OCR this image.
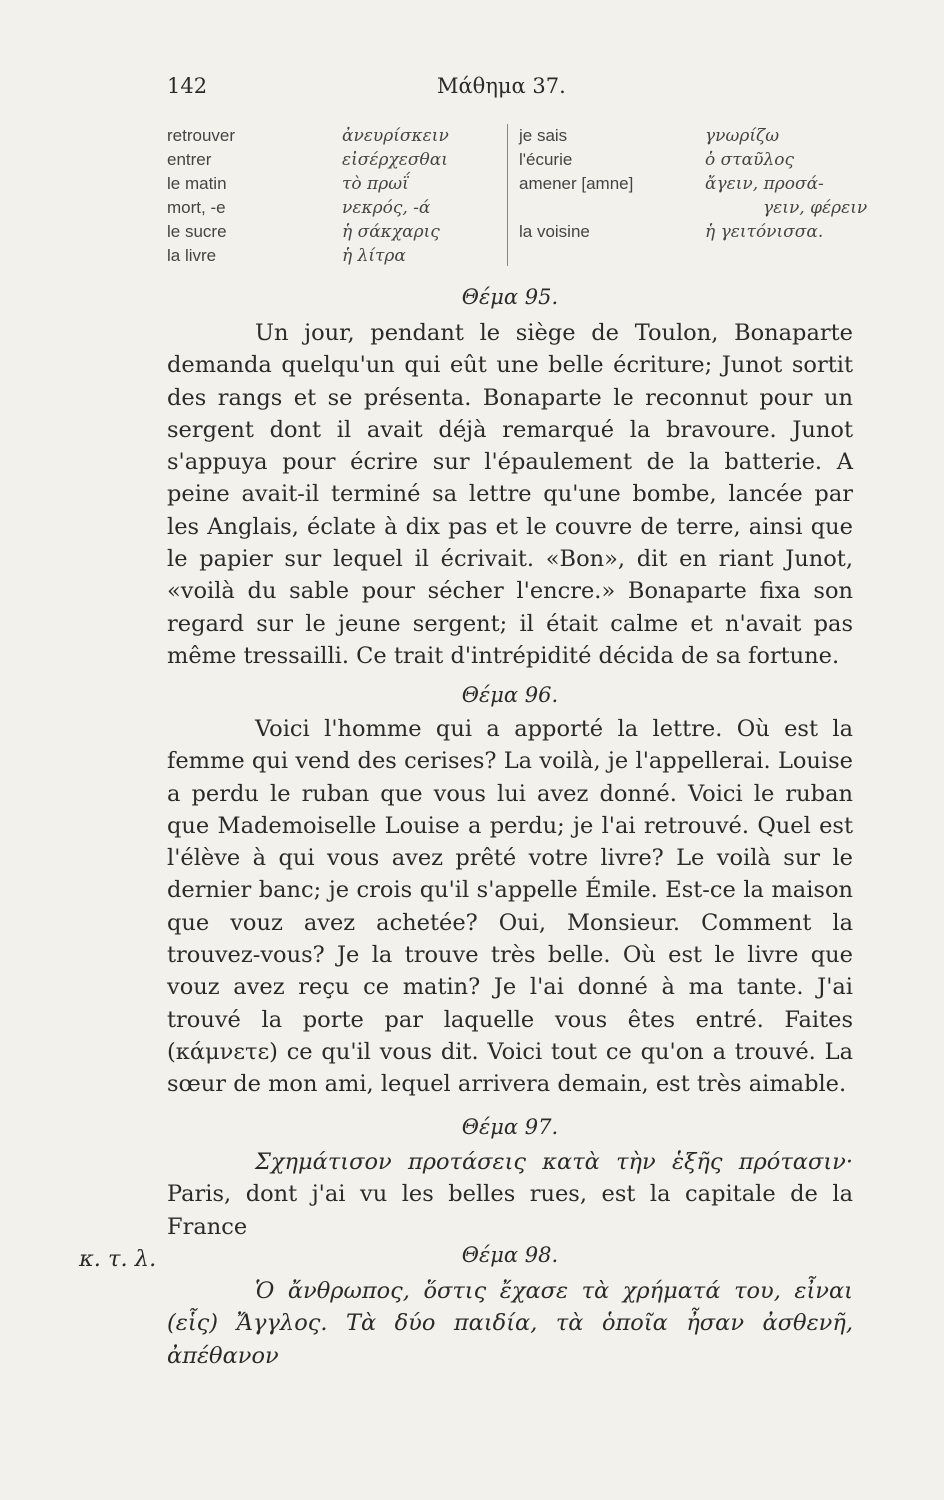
142	Μάθημα 37.
retrouver
entrer
le matin
mort, -e
le sucre
la livre
ἀνευρίσκειν
εἰσέρχεσθαι
τὸ πρωΐ
νεκρός, -ά
ἡ σάκχαρις
ἡ λίτρα
je sais
l'écurie
amener [amne]
la voisine
γνωρίζω
ὁ σταῦλος
ἄγειν, προσά-
γειν, φέρειν
ἡ γειτόνισσα.
Θέμα 95.

Un jour, pendant le siège de Toulon, Bonaparte demanda quelqu'un qui eût une belle écriture; Junot sortit des rangs et se présenta. Bonaparte le reconnut pour un sergent dont il avait déjà remarqué la bravoure. Junot s'appuya pour écrire sur l'épaulement de la batterie. A peine avait-il terminé sa lettre qu'une bombe, lancée par les Anglais, éclate à dix pas et le couvre de terre, ainsi que le papier sur lequel il écrivait. «Bon», dit en riant Junot, «voilà du sable pour sécher l'encre.» Bonaparte fixa son regard sur le jeune sergent; il était calme et n'avait pas même tressailli. Ce trait d'intrépidité décida de sa fortune.

Θέμα 96.

Voici l'homme qui a apporté la lettre. Où est la femme qui vend des cerises? La voilà, je l'appellerai. Louise a perdu le ruban que vous lui avez donné. Voici le ruban que Mademoiselle Louise a perdu; je l'ai retrouvé. Quel est l'élève à qui vous avez prêté votre livre? Le voilà sur le dernier banc; je crois qu'il s'appelle Émile. Est-ce la maison que vouz avez achetée? Oui, Monsieur. Comment la trouvez-vous? Je la trouve très belle. Où est le livre que vouz avez reçu ce matin? Je l'ai donné à ma tante. J'ai trouvé la porte par laquelle vous êtes entré. Faites (κάμνετε) ce qu'il vous dit. Voici tout ce qu'on a trouvé. La sœur de mon ami, lequel arrivera demain, est très aimable.

Θέμα 97.

Σχημάτισον προτάσεις κατὰ τὴν ἑξῆς πρότασιν· Paris, dont j'ai vu les belles rues, est la capitale de la France
κ. τ. λ.	Θέμα 98.

Ὁ ἄνθρωπος, ὅστις ἔχασε τὰ χρήματά του, εἶναι (εἷς) Ἄγγλος. Τὰ δύο παιδία, τὰ ὁποῖα ἦσαν ἀσθενῆ, ἀπέθανον
